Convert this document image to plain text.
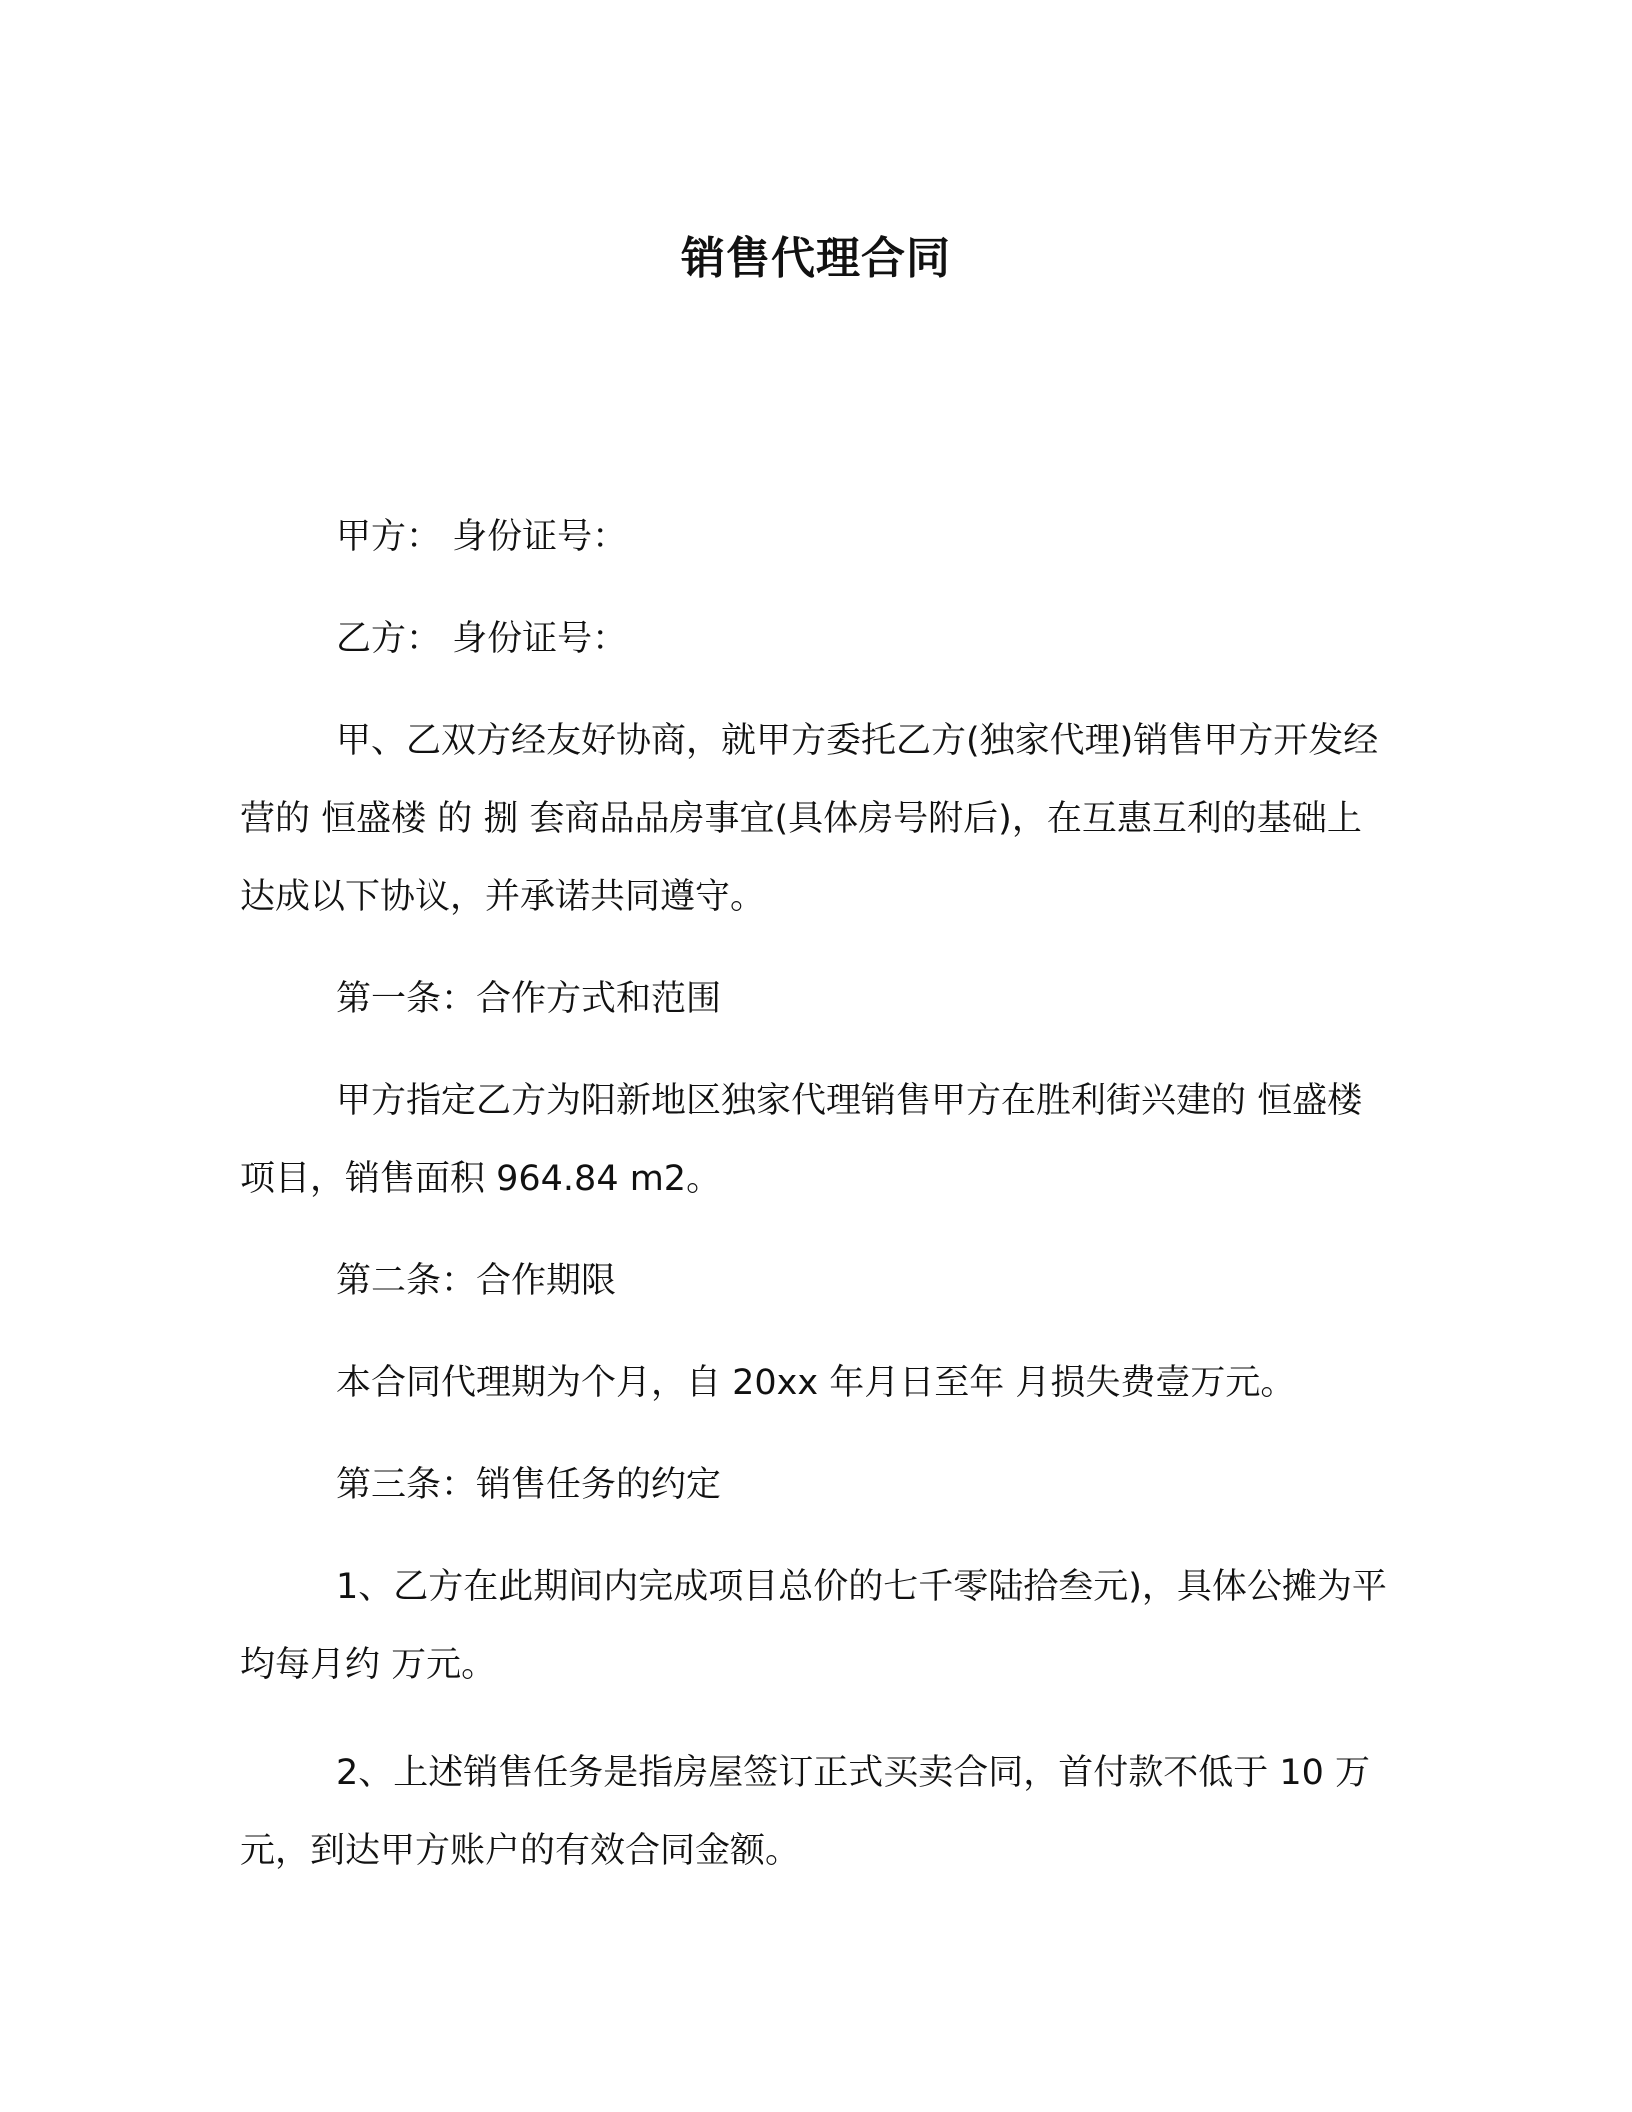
销售代理合同

甲方： 身份证号：

乙方： 身份证号：

甲、乙双方经友好协商，就甲方委托乙方(独家代理)销售甲方开发经营的 恒盛楼 的 捌 套商品品房事宜(具体房号附后)，在互惠互利的基础上达成以下协议，并承诺共同遵守。

第一条：合作方式和范围

甲方指定乙方为阳新地区独家代理销售甲方在胜利街兴建的 恒盛楼 项目，销售面积 964.84 m2。

第二条：合作期限

本合同代理期为个月，自 20xx 年月日至年 月损失费壹万元。

第三条：销售任务的约定

1、乙方在此期间内完成项目总价的七千零陆拾叁元)，具体公摊为平均每月约 万元。

2、上述销售任务是指房屋签订正式买卖合同，首付款不低于 10 万元，到达甲方账户的有效合同金额。
